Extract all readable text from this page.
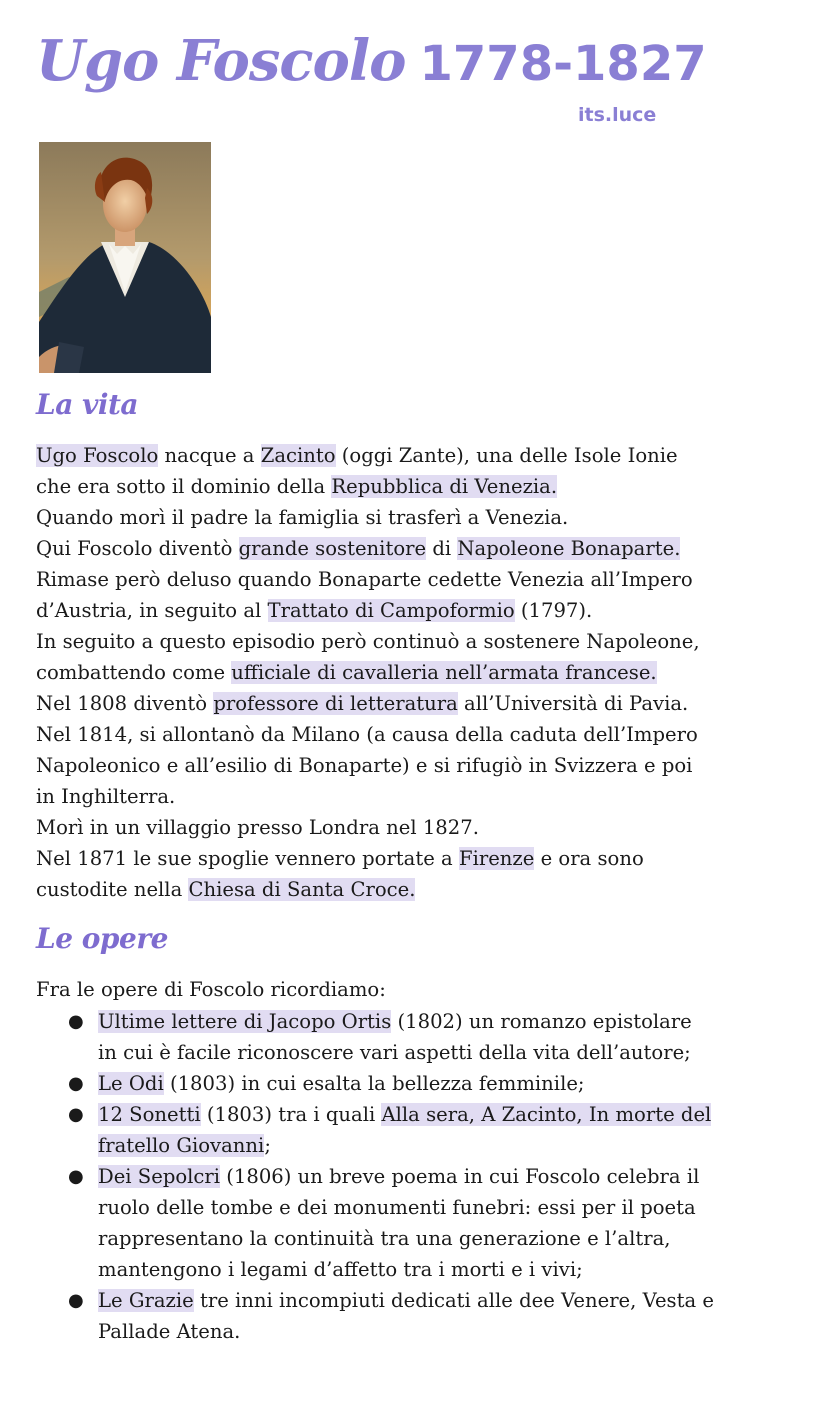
Ugo Foscolo 1778-1827
its.luce
La vita
Ugo Foscolo nacque a Zacinto (oggi Zante), una delle Isole Ionie
che era sotto il dominio della Repubblica di Venezia.
Quando morì il padre la famiglia si trasferì a Venezia.
Qui Foscolo diventò grande sostenitore di Napoleone Bonaparte.
Rimase però deluso quando Bonaparte cedette Venezia all’Impero
d’Austria, in seguito al Trattato di Campoformio (1797).
In seguito a questo episodio però continuò a sostenere Napoleone,
combattendo come ufficiale di cavalleria nell’armata francese.
Nel 1808 diventò professore di letteratura all’Università di Pavia.
Nel 1814, si allontanò da Milano (a causa della caduta dell’Impero
Napoleonico e all’esilio di Bonaparte) e si rifugiò in Svizzera e poi
in Inghilterra.
Morì in un villaggio presso Londra nel 1827.
Nel 1871 le sue spoglie vennero portate a Firenze e ora sono
custodite nella Chiesa di Santa Croce.
Le opere
Fra le opere di Foscolo ricordiamo:
● Ultime lettere di Jacopo Ortis (1802) un romanzo epistolare
in cui è facile riconoscere vari aspetti della vita dell’autore;
● Le Odi (1803) in cui esalta la bellezza femminile;
● 12 Sonetti (1803) tra i quali Alla sera, A Zacinto, In morte del
fratello Giovanni;
● Dei Sepolcri (1806) un breve poema in cui Foscolo celebra il
ruolo delle tombe e dei monumenti funebri: essi per il poeta
rappresentano la continuità tra una generazione e l’altra,
mantengono i legami d’affetto tra i morti e i vivi;
● Le Grazie tre inni incompiuti dedicati alle dee Venere, Vesta e
Pallade Atena.
